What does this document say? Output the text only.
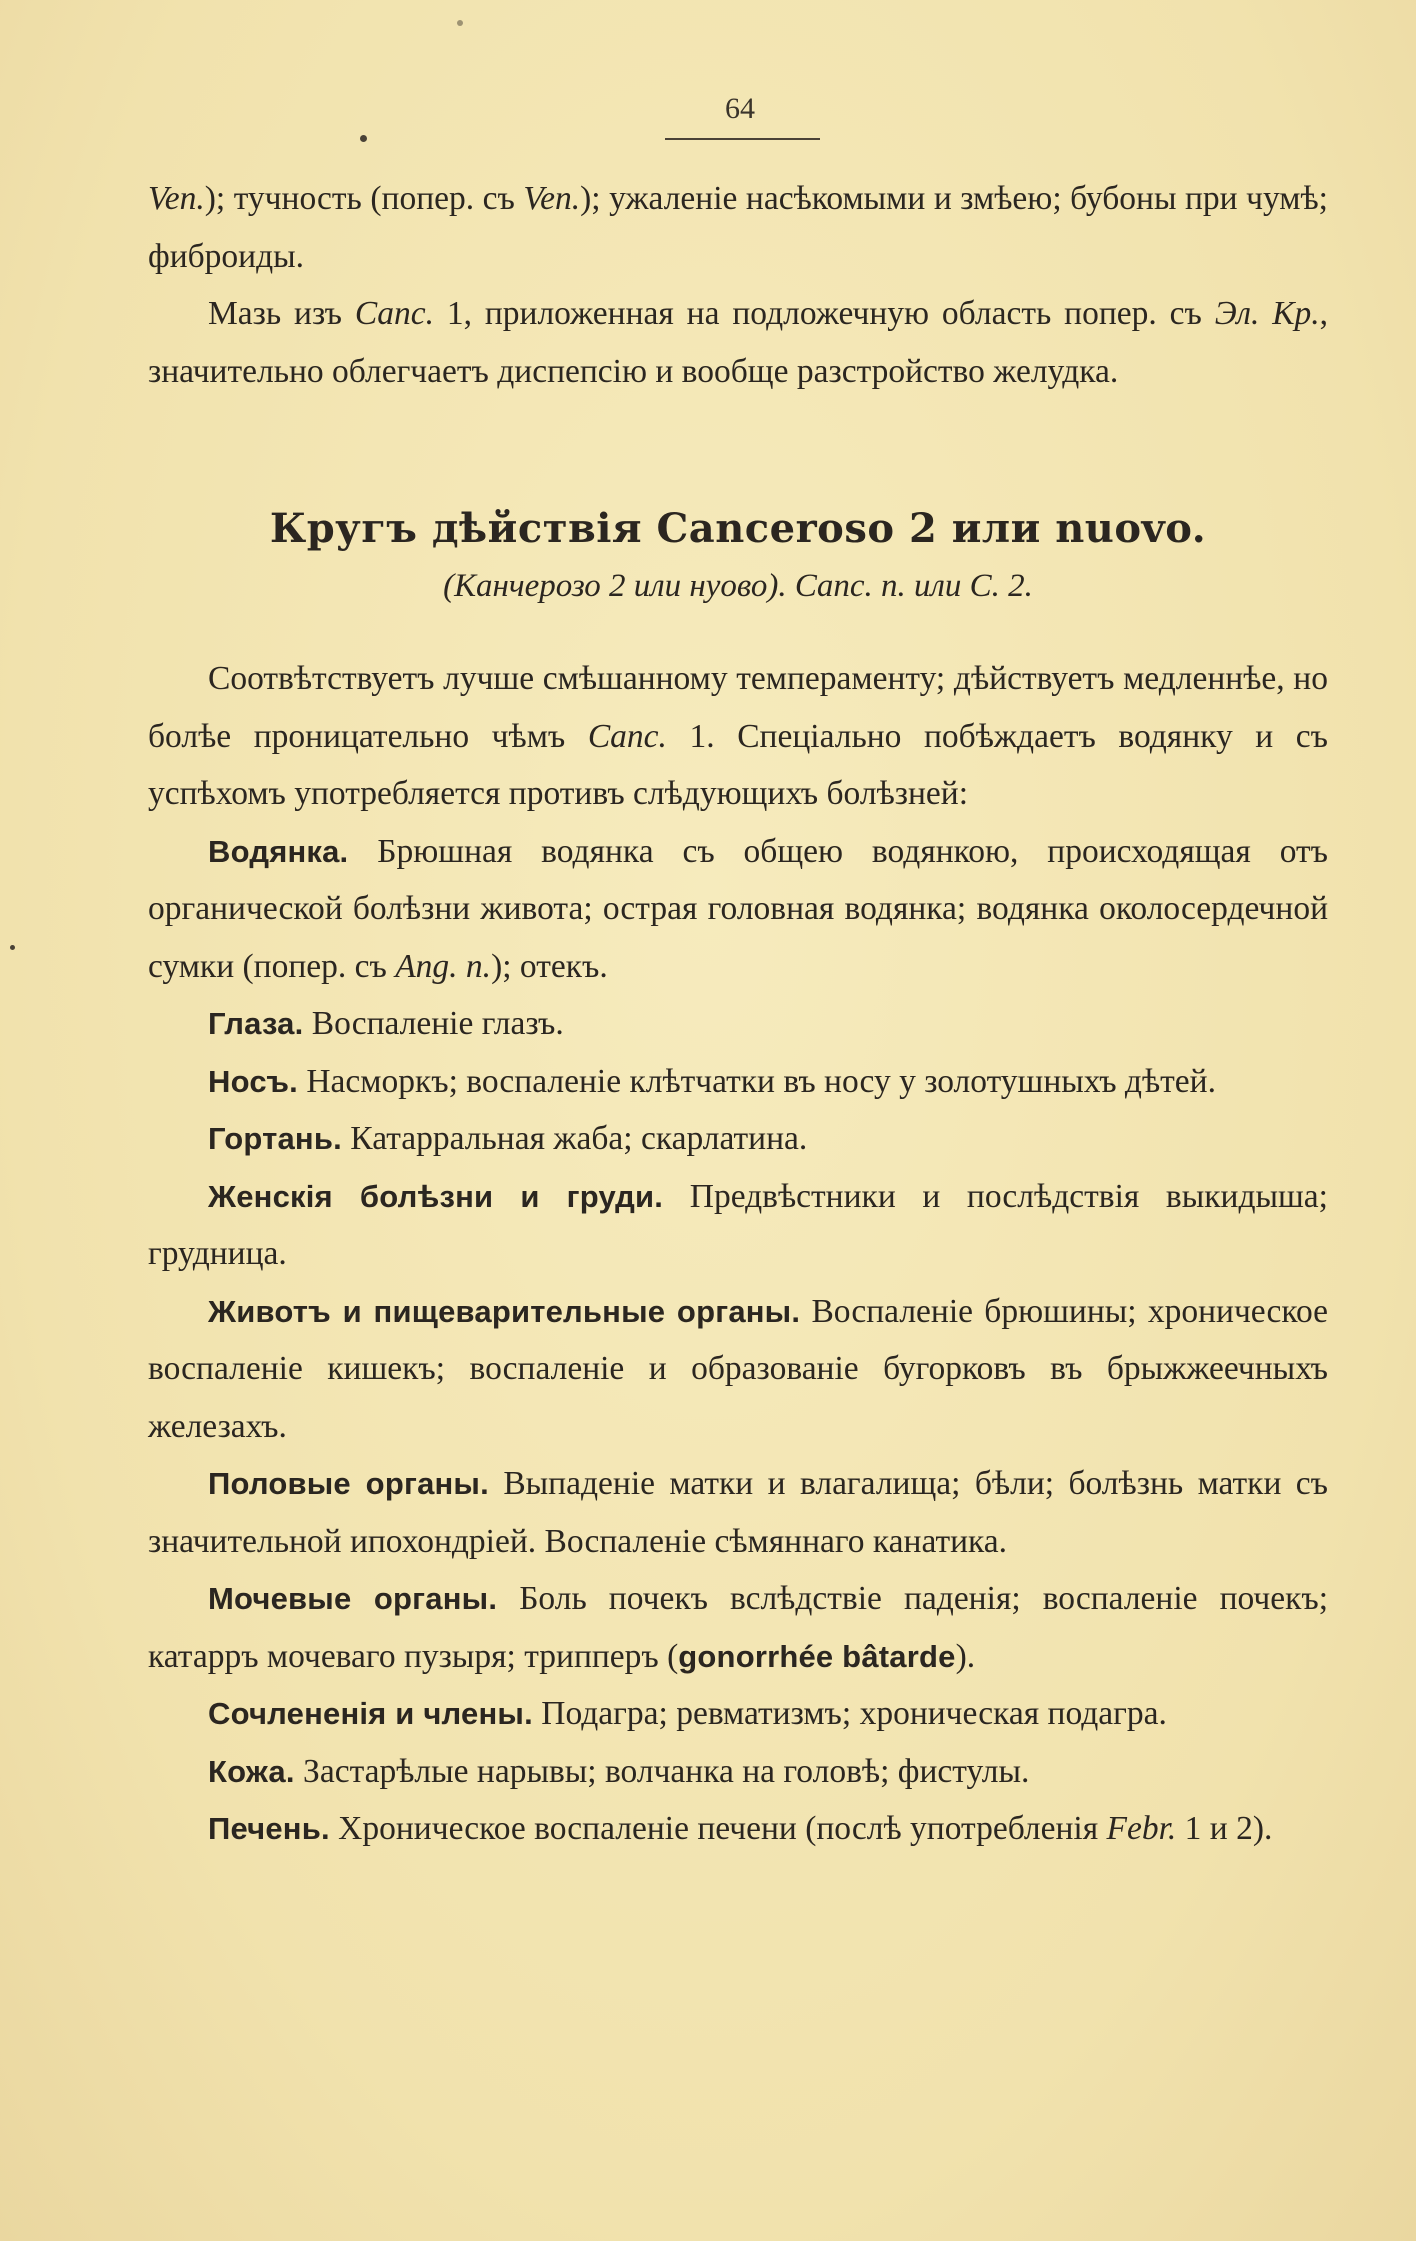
64

Ven.); тучность (попер. съ Ven.); ужаленіе насѣкомыми и змѣею; бубоны при чумѣ; фиброиды.

Мазь изъ Canc. 1, приложенная на подложечную область попер. съ Эл. Кр., значительно облегчаетъ диспепсію и вообще разстройство желудка.

Кругъ дѣйствія Cancerosо 2 или nuovo.
(Канчерозо 2 или нуово). Canc. n. или C. 2.

Соотвѣтствуетъ лучше смѣшанному темпераменту; дѣйствуетъ медленнѣе, но болѣе проницательно чѣмъ Canc. 1. Спеціально побѣждаетъ водянку и съ успѣхомъ употребляется противъ слѣдующихъ болѣзней:

Водянка. Брюшная водянка съ общею водянкою, происходящая отъ органической болѣзни живота; острая головная водянка; водянка околосердечной сумки (попер. съ Ang. n.); отекъ.

Глаза. Воспаленіе глазъ.

Носъ. Насморкъ; воспаленіе клѣтчатки въ носу у золотушныхъ дѣтей.

Гортань. Катарральная жаба; скарлатина.

Женскія болѣзни и груди. Предвѣстники и послѣдствія выкидыша; грудница.

Животъ и пищеварительные органы. Воспаленіе брюшины; хроническое воспаленіе кишекъ; воспаленіе и образованіе бугорковъ въ брыжжеечныхъ железахъ.

Половые органы. Выпаденіе матки и влагалища; бѣли; болѣзнь матки съ значительной ипохондріей. Воспаленіе сѣмяннаго канатика.

Мочевые органы. Боль почекъ вслѣдствіе паденія; воспаленіе почекъ; катарръ мочеваго пузыря; трипперъ (gonorrhée bâtarde).

Сочлененія и члены. Подагра; ревматизмъ; хроническая подагра.

Кожа. Застарѣлые нарывы; волчанка на головѣ; фистулы.

Печень. Хроническое воспаленіе печени (послѣ употребленія Febr. 1 и 2).
